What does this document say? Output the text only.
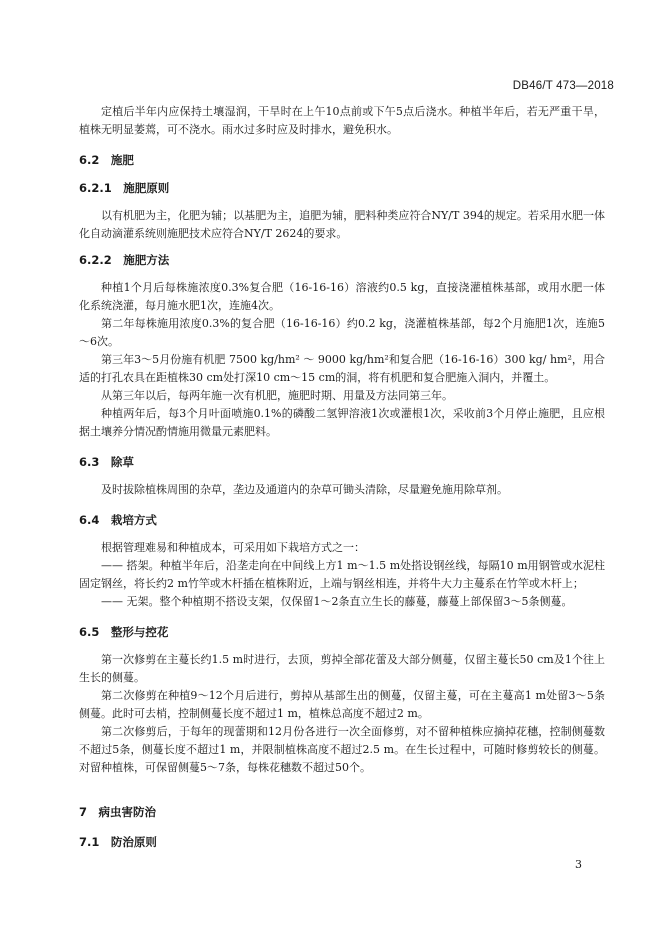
DB46/T 473—2018

定植后半年内应保持土壤湿润，干旱时在上午10点前或下午5点后浇水。种植半年后，若无严重干旱，植株无明显萎蔫，可不浇水。雨水过多时应及时排水，避免积水。

6.2　施肥
6.2.1　施肥原则

以有机肥为主，化肥为辅；以基肥为主，追肥为辅，肥料种类应符合NY/T 394的规定。若采用水肥一体化自动滴灌系统则施肥技术应符合NY/T 2624的要求。

6.2.2　施肥方法

种植1个月后每株施浓度0.3%复合肥（16-16-16）溶液约0.5 kg，直接浇灌植株基部，或用水肥一体化系统浇灌，每月施水肥1次，连施4次。

第二年每株施用浓度0.3%的复合肥（16-16-16）约0.2 kg，浇灌植株基部，每2个月施肥1次，连施5～6次。

第三年3～5月份施有机肥 7500 kg/hm² ～ 9000 kg/hm²和复合肥（16-16-16）300 kg/ hm²，用合适的打孔农具在距植株30 cm处打深10 cm～15 cm的洞，将有机肥和复合肥施入洞内，并覆土。

从第三年以后，每两年施一次有机肥，施肥时期、用量及方法同第三年。

种植两年后，每3个月叶面喷施0.1%的磷酸二氢钾溶液1次或灌根1次，采收前3个月停止施肥，且应根据土壤养分情况酌情施用微量元素肥料。

6.3　除草

及时拔除植株周围的杂草，垄边及通道内的杂草可锄头清除，尽量避免施用除草剂。

6.4　栽培方式

根据管理难易和种植成本，可采用如下栽培方式之一：

—— 搭架。种植半年后，沿垄走向在中间线上方1 m～1.5 m处搭设钢丝线，每隔10 m用钢管或水泥柱固定钢丝，将长约2 m竹竿或木杆插在植株附近，上端与钢丝相连，并将牛大力主蔓系在竹竿或木杆上；

—— 无架。整个种植期不搭设支架，仅保留1～2条直立生长的藤蔓，藤蔓上部保留3～5条侧蔓。

6.5　整形与控花

第一次修剪在主蔓长约1.5 m时进行，去顶，剪掉全部花蕾及大部分侧蔓，仅留主蔓长50 cm及1个往上生长的侧蔓。

第二次修剪在种植9～12个月后进行，剪掉从基部生出的侧蔓，仅留主蔓，可在主蔓高1 m处留3～5条侧蔓。此时可去梢，控制侧蔓长度不超过1 m，植株总高度不超过2 m。

第二次修剪后，于每年的现蕾期和12月份各进行一次全面修剪，对不留种植株应摘掉花穗，控制侧蔓数不超过5条，侧蔓长度不超过1 m，并限制植株高度不超过2.5 m。在生长过程中，可随时修剪较长的侧蔓。对留种植株，可保留侧蔓5～7条，每株花穗数不超过50个。

7　病虫害防治
7.1　防治原则
3
